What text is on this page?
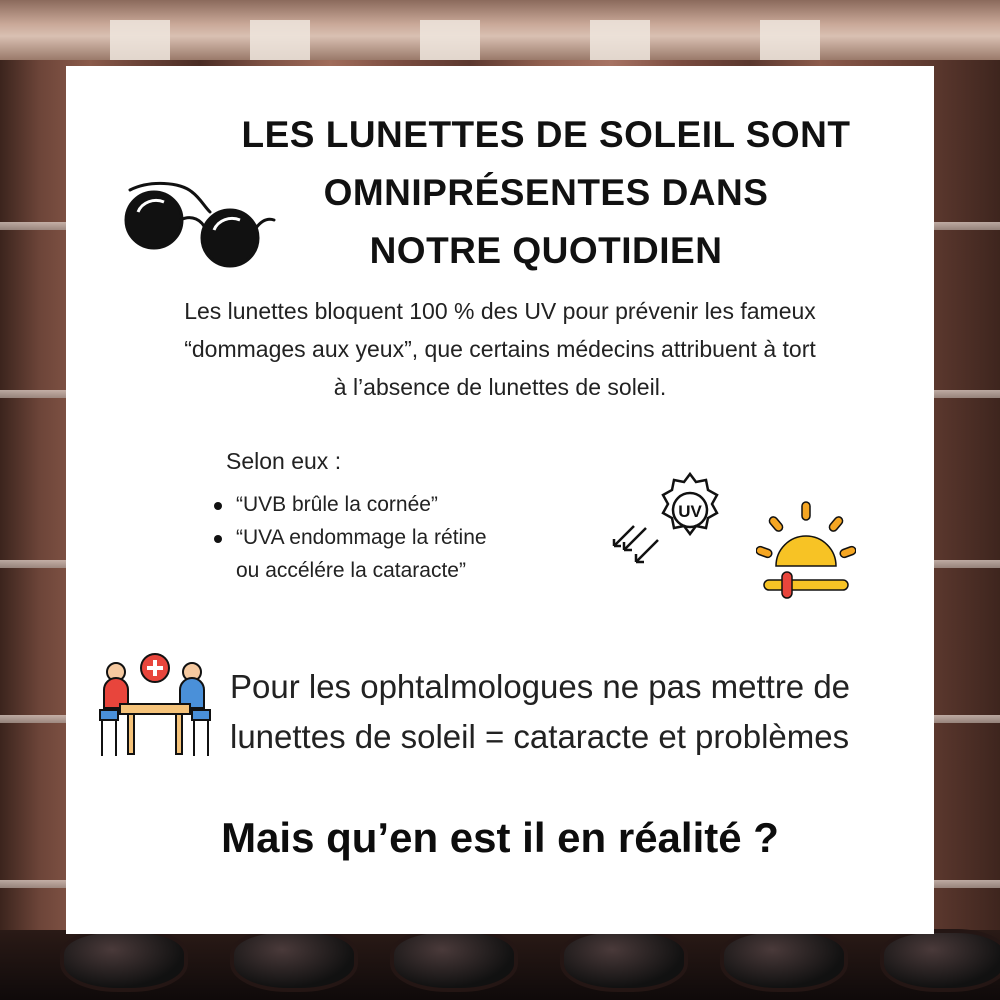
LES LUNETTES DE SOLEIL SONT
OMNIPRÉSENTES DANS
NOTRE QUOTIDIEN
Les lunettes bloquent 100 % des UV pour prévenir les fameux
“dommages aux yeux”, que certains médecins attribuent à tort
à l’absence de lunettes de soleil.
Selon eux :
“UVB brûle la cornée”
“UVA endommage la rétine
ou accélére la cataracte”
UV
Pour les ophtalmologues ne pas mettre de
lunettes de soleil = cataracte et problèmes
Mais qu’en est il en réalité ?
